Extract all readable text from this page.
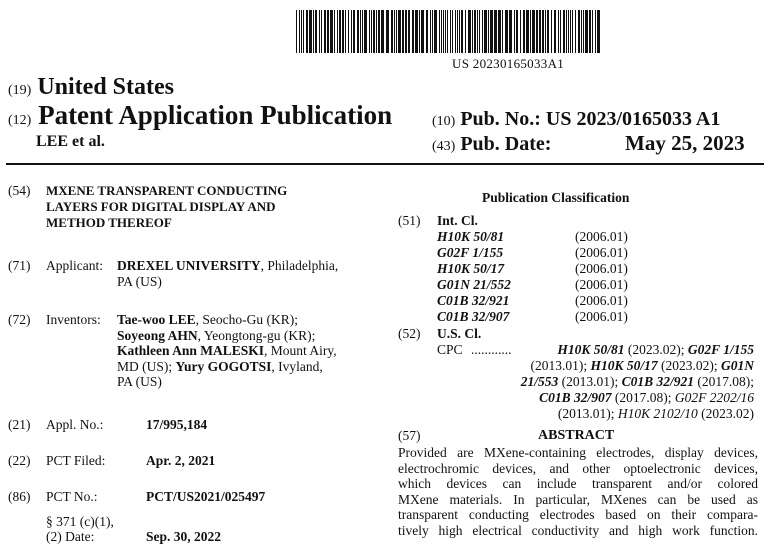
US 20230165033A1
(19) United States
(12) Patent Application Publication
LEE et al.
(10) Pub. No.: US 2023/0165033 A1
(43) Pub. Date:	May 25, 2023
(54) MXENE TRANSPARENT CONDUCTING
LAYERS FOR DIGITAL DISPLAY AND
METHOD THEREOF
(71) Applicant: DREXEL UNIVERSITY, Philadelphia,
PA (US)
(72) Inventors: Tae-woo LEE, Seocho-Gu (KR);
Soyeong AHN, Yeongtong-gu (KR);
Kathleen Ann MALESKI, Mount Airy,
MD (US); Yury GOGOTSI, Ivyland,
PA (US)
(21) Appl. No.:	17/995,184
(22) PCT Filed:	Apr. 2, 2021
(86) PCT No.:	PCT/US2021/025497
§ 371 (c)(1),
(2) Date:	Sep. 30, 2022
Publication Classification
(51) Int. Cl.
H10K 50/81	(2006.01)
G02F 1/155	(2006.01)
H10K 50/17	(2006.01)
G01N 21/552	(2006.01)
C01B 32/921	(2006.01)
C01B 32/907	(2006.01)
(52) U.S. Cl.
CPC ............	H10K 50/81 (2023.02); G02F 1/155
(2013.01); H10K 50/17 (2023.02); G01N
21/553 (2013.01); C01B 32/921 (2017.08);
C01B 32/907 (2017.08); G02F 2202/16
(2013.01); H10K 2102/10 (2023.02)
(57)	ABSTRACT
Provided are MXene-containing electrodes, display devices,
electrochromic devices, and other optoelectronic devices,
which devices can include transparent and/or colored
MXene materials. In particular, MXenes can be used as
transparent conducting electrodes based on their compara-
tively high electrical conductivity and high work function.
